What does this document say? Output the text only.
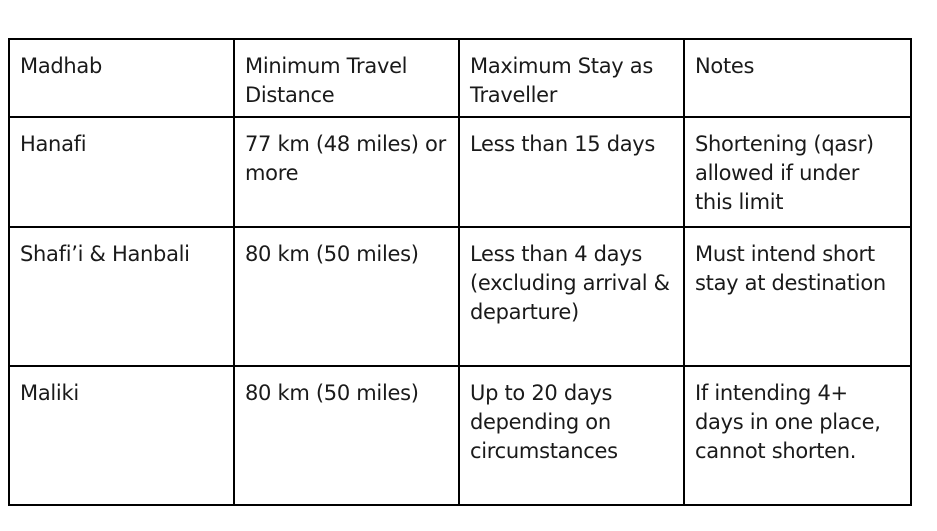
Madhab	Minimum Travel Distance	Maximum Stay as Traveller	Notes
Hanafi	77 km (48 miles) or more	Less than 15 days	Shortening (qasr) allowed if under this limit
Shafi’i & Hanbali	80 km (50 miles)	Less than 4 days (excluding arrival & departure)	Must intend short stay at destination
Maliki	80 km (50 miles)	Up to 20 days depending on circumstances	If intending 4+ days in one place, cannot shorten.
